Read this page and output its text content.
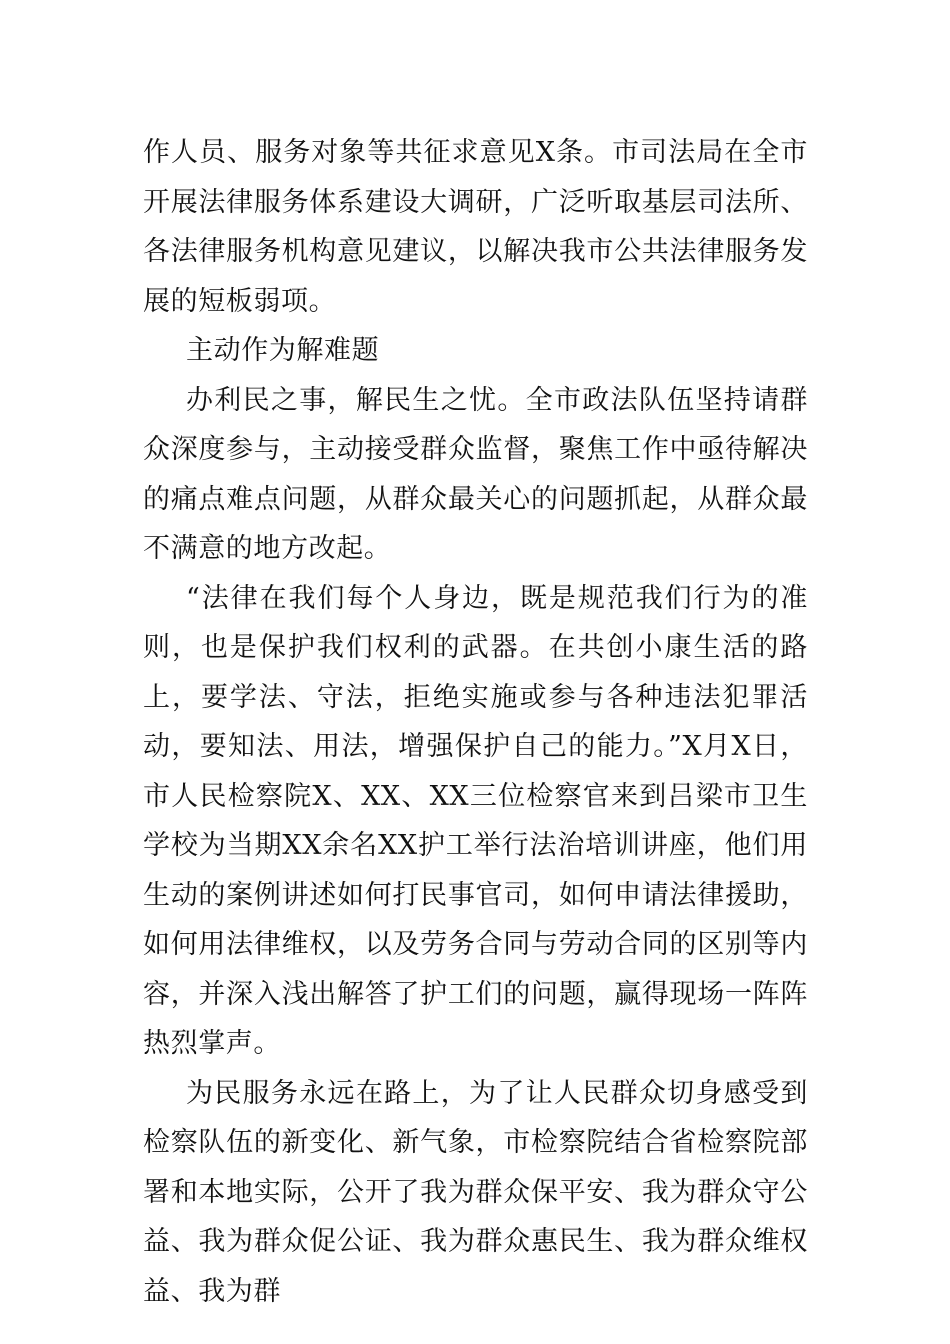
作人员、服务对象等共征求意见X条。市司法局在全市开展法律服务体系建设大调研，广泛听取基层司法所、各法律服务机构意见建议，以解决我市公共法律服务发展的短板弱项。

主动作为解难题

办利民之事，解民生之忧。全市政法队伍坚持请群众深度参与，主动接受群众监督，聚焦工作中亟待解决的痛点难点问题，从群众最关心的问题抓起，从群众最不满意的地方改起。

“法律在我们每个人身边，既是规范我们行为的准则，也是保护我们权利的武器。在共创小康生活的路上，要学法、守法，拒绝实施或参与各种违法犯罪活动，要知法、用法，增强保护自己的能力。”X月X日，市人民检察院X、XX、XX三位检察官来到吕梁市卫生学校为当期XX余名XX护工举行法治培训讲座，他们用生动的案例讲述如何打民事官司，如何申请法律援助，如何用法律维权，以及劳务合同与劳动合同的区别等内容，并深入浅出解答了护工们的问题，赢得现场一阵阵热烈掌声。

为民服务永远在路上，为了让人民群众切身感受到检察队伍的新变化、新气象，市检察院结合省检察院部署和本地实际，公开了我为群众保平安、我为群众守公益、我为群众促公证、我为群众惠民生、我为群众维权益、我为群
